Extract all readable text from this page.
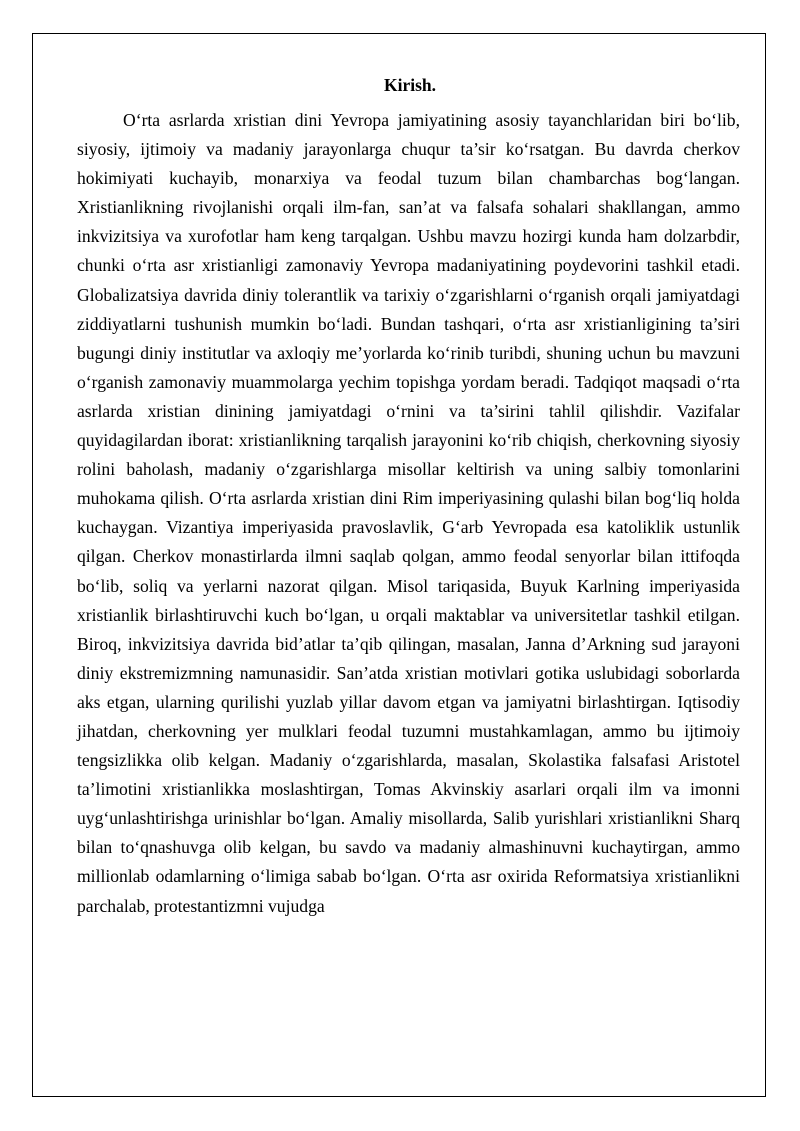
Kirish.

O‘rta asrlarda xristian dini Yevropa jamiyatining asosiy tayanchlaridan biri bo‘lib, siyosiy, ijtimoiy va madaniy jarayonlarga chuqur ta’sir ko‘rsatgan. Bu davrda cherkov hokimiyati kuchayib, monarxiya va feodal tuzum bilan chambarchas bog‘langan. Xristianlikning rivojlanishi orqali ilm-fan, san’at va falsafa sohalari shakllangan, ammo inkvizitsiya va xurofotlar ham keng tarqalgan. Ushbu mavzu hozirgi kunda ham dolzarbdir, chunki o‘rta asr xristianligi zamonaviy Yevropa madaniyatining poydevorini tashkil etadi. Globalizatsiya davrida diniy tolerantlik va tarixiy o‘zgarishlarni o‘rganish orqali jamiyatdagi ziddiyatlarni tushunish mumkin bo‘ladi. Bundan tashqari, o‘rta asr xristianligining ta’siri bugungi diniy institutlar va axloqiy me’yorlarda ko‘rinib turibdi, shuning uchun bu mavzuni o‘rganish zamonaviy muammolarga yechim topishga yordam beradi. Tadqiqot maqsadi o‘rta asrlarda xristian dinining jamiyatdagi o‘rnini va ta’sirini tahlil qilishdir. Vazifalar quyidagilardan iborat: xristianlikning tarqalish jarayonini ko‘rib chiqish, cherkovning siyosiy rolini baholash, madaniy o‘zgarishlarga misollar keltirish va uning salbiy tomonlarini muhokama qilish. O‘rta asrlarda xristian dini Rim imperiyasining qulashi bilan bog‘liq holda kuchaygan. Vizantiya imperiyasida pravoslavlik, G‘arb Yevropada esa katoliklik ustunlik qilgan. Cherkov monastirlarda ilmni saqlab qolgan, ammo feodal senyorlar bilan ittifoqda bo‘lib, soliq va yerlarni nazorat qilgan. Misol tariqasida, Buyuk Karlning imperiyasida xristianlik birlashtiruvchi kuch bo‘lgan, u orqali maktablar va universitetlar tashkil etilgan. Biroq, inkvizitsiya davrida bid’atlar ta’qib qilingan, masalan, Janna d’Arkning sud jarayoni diniy ekstremizmning namunasidir. San’atda xristian motivlari gotika uslubidagi soborlarda aks etgan, ularning qurilishi yuzlab yillar davom etgan va jamiyatni birlashtirgan. Iqtisodiy jihatdan, cherkovning yer mulklari feodal tuzumni mustahkamlagan, ammo bu ijtimoiy tengsizlikka olib kelgan. Madaniy o‘zgarishlarda, masalan, Skolastika falsafasi Aristotel ta’limotini xristianlikka moslashtirgan, Tomas Akvinskiy asarlari orqali ilm va imonni uyg‘unlashtirishga urinishlar bo‘lgan. Amaliy misollarda, Salib yurishlari xristianlikni Sharq bilan to‘qnashuvga olib kelgan, bu savdo va madaniy almashinuvni kuchaytirgan, ammo millionlab odamlarning o‘limiga sabab bo‘lgan. O‘rta asr oxirida Reformatsiya xristianlikni parchalab, protestantizmni vujudga
